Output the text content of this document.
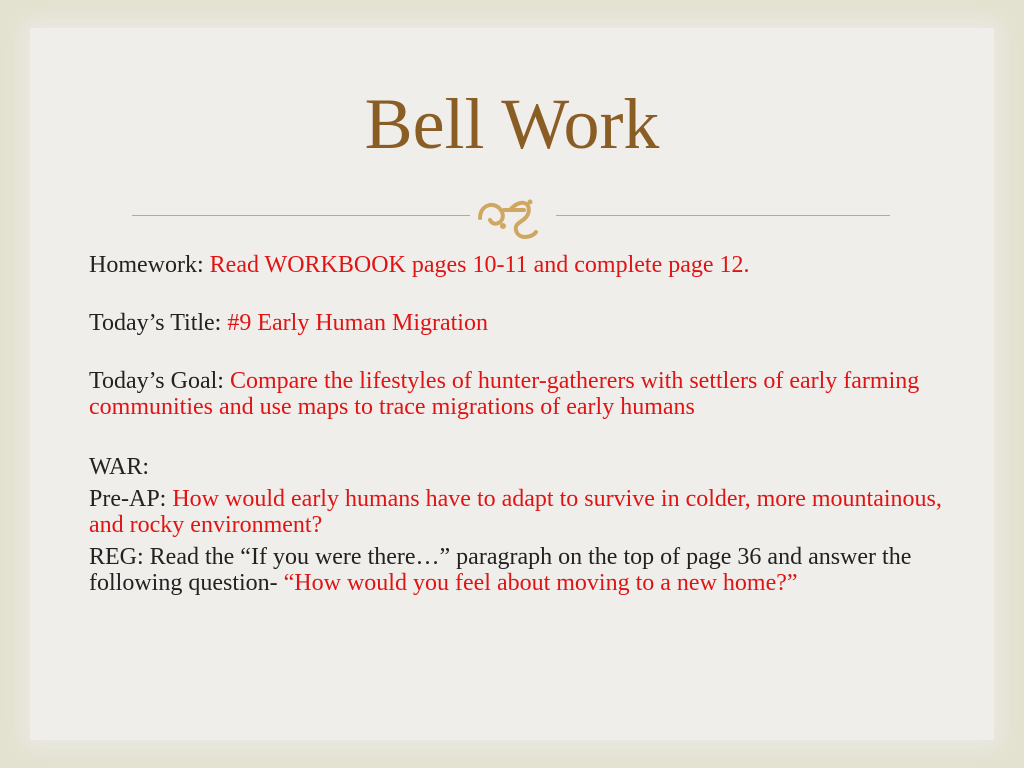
Bell Work

Homework: Read WORKBOOK pages 10-11 and complete page 12.

Today’s Title: #9 Early Human Migration

Today’s Goal: Compare the lifestyles of hunter-gatherers with settlers of early farming communities and use maps to trace migrations of early humans

WAR:

Pre-AP: How would early humans have to adapt to survive in colder, more mountainous, and rocky environment?

REG: Read the “If you were there…” paragraph on the top of page 36 and answer the following question- “How would you feel about moving to a new home?”
